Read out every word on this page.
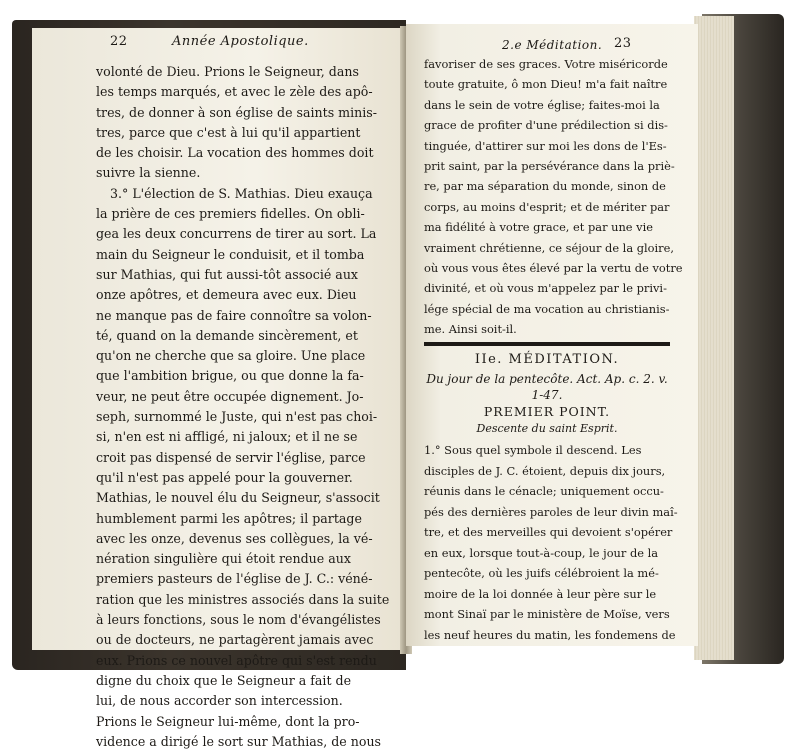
22	Année Apostolique.
volonté de Dieu. Prions le Seigneur, dans
les temps marqués, et avec le zèle des apô-
tres, de donner à son église de saints minis-
tres, parce que c'est à lui qu'il appartient
de les choisir. La vocation des hommes doit
suivre la sienne.
3.° L'élection de S. Mathias. Dieu exauça
la prière de ces premiers fidelles. On obli-
gea les deux concurrens de tirer au sort. La
main du Seigneur le conduisit, et il tomba
sur Mathias, qui fut aussi-tôt associé aux
onze apôtres, et demeura avec eux. Dieu
ne manque pas de faire connoître sa volon-
té, quand on la demande sincèrement, et
qu'on ne cherche que sa gloire. Une place
que l'ambition brigue, ou que donne la fa-
veur, ne peut être occupée dignement. Jo-
seph, surnommé le Juste, qui n'est pas choi-
si, n'en est ni affligé, ni jaloux; et il ne se
croit pas dispensé de servir l'église, parce
qu'il n'est pas appelé pour la gouverner.
Mathias, le nouvel élu du Seigneur, s'associt
humblement parmi les apôtres; il partage
avec les onze, devenus ses collègues, la vé-
nération singulière qui étoit rendue aux
premiers pasteurs de l'église de J. C.: véné-
ration que les ministres associés dans la suite
à leurs fonctions, sous le nom d'évangélistes
ou de docteurs, ne partagèrent jamais avec
eux. Prions ce nouvel apôtre qui s'est rendu
digne du choix que le Seigneur a fait de
lui, de nous accorder son intercession.
Prions le Seigneur lui-même, dont la pro-
vidence a dirigé le sort sur Mathias, de nous
2.e Méditation. 23
favoriser de ses graces. Votre miséricorde
toute gratuite, ô mon Dieu! m'a fait naître
dans le sein de votre église; faites-moi la
grace de profiter d'une prédilection si dis-
tinguée, d'attirer sur moi les dons de l'Es-
prit saint, par la persévérance dans la priè-
re, par ma séparation du monde, sinon de
corps, au moins d'esprit; et de mériter par
ma fidélité à votre grace, et par une vie
vraiment chrétienne, ce séjour de la gloire,
où vous vous êtes élevé par la vertu de votre
divinité, et où vous m'appelez par le privi-
lége spécial de ma vocation au christianis-
me. Ainsi soit-il.
IIe. MÉDITATION.
Du jour de la pentecôte. Act. Ap. c. 2. v.
1-47.
PREMIER POINT.
Descente du saint Esprit.
1.° Sous quel symbole il descend. Les
disciples de J. C. étoient, depuis dix jours,
réunis dans le cénacle; uniquement occu-
pés des dernières paroles de leur divin maî-
tre, et des merveilles qui devoient s'opérer
en eux, lorsque tout-à-coup, le jour de la
pentecôte, où les juifs célébroient la mé-
moire de la loi donnée à leur père sur le
mont Sinaï par le ministère de Moïse, vers
les neuf heures du matin, les fondemens de
